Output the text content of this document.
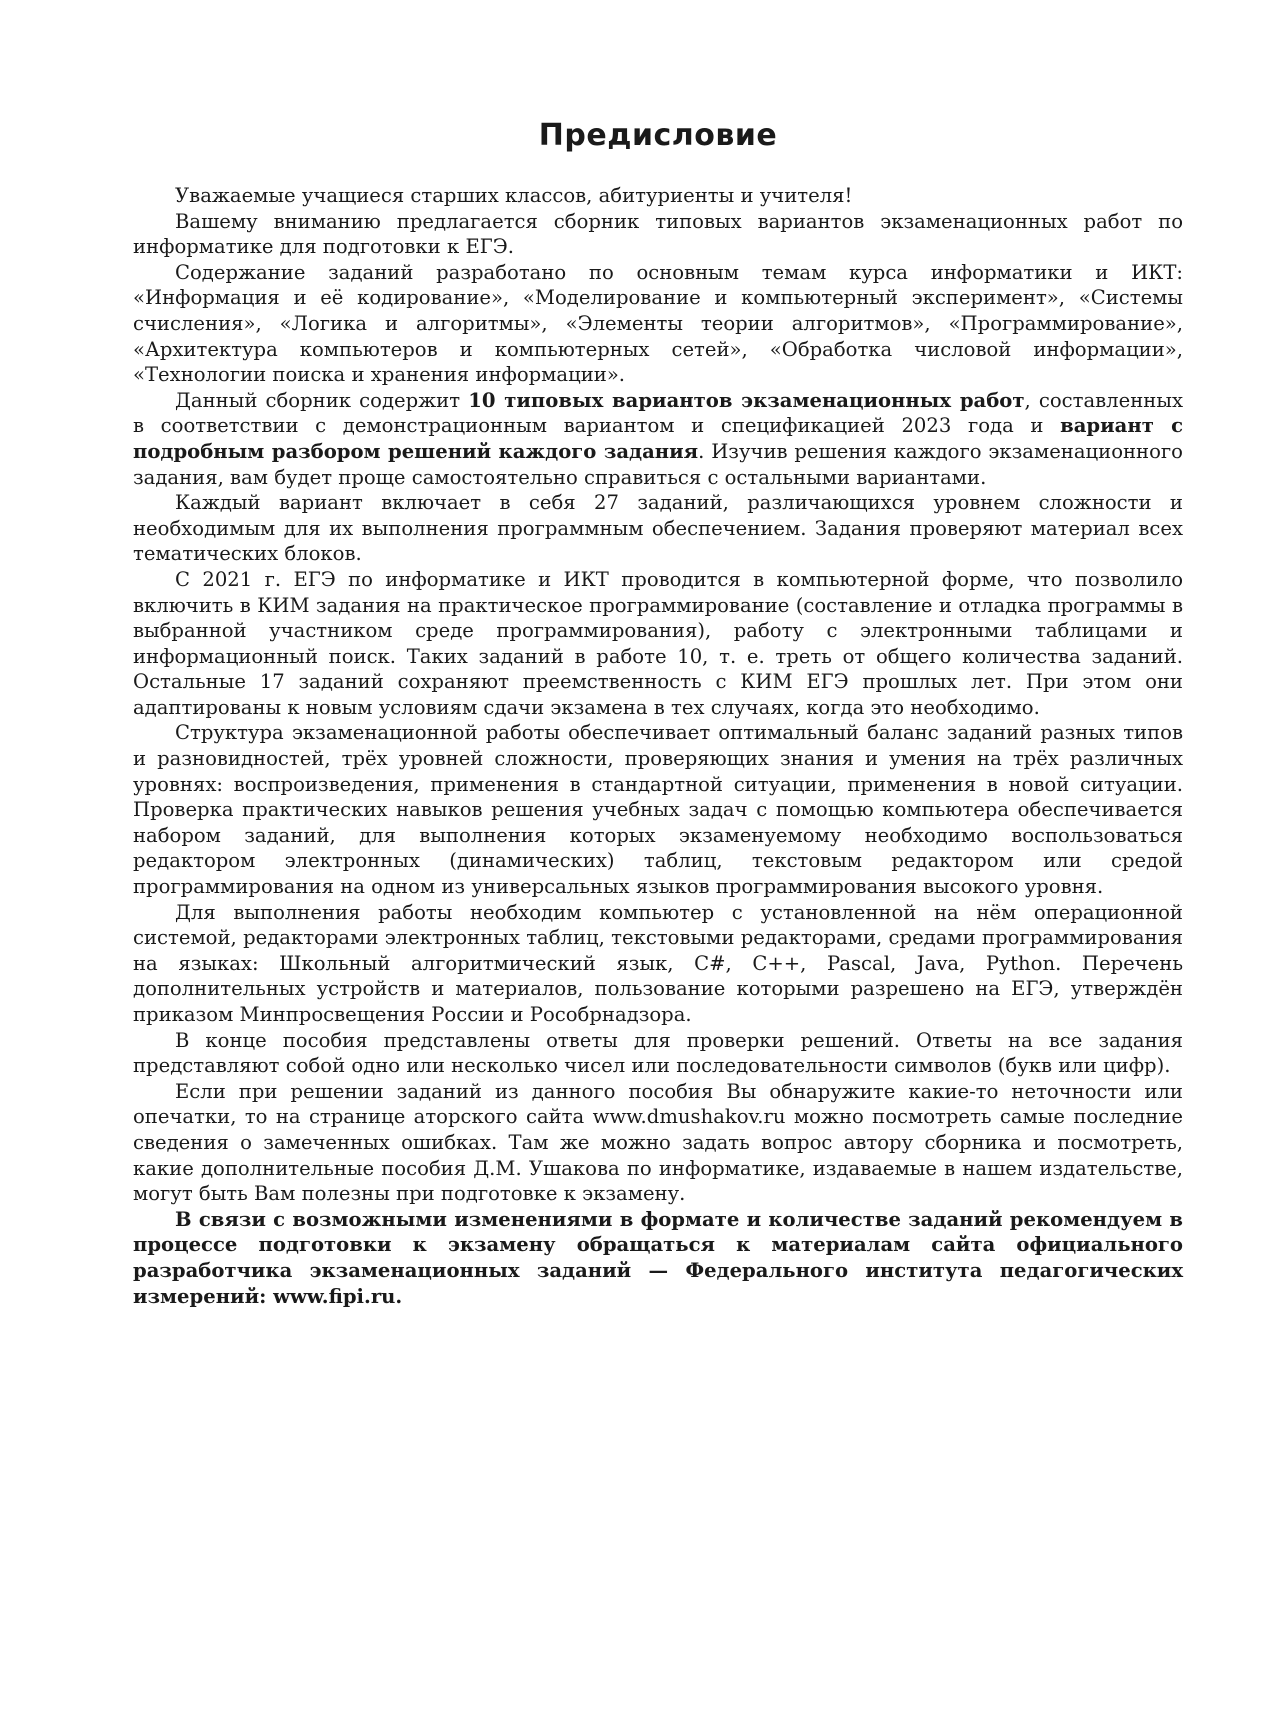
Предисловие

Уважаемые учащиеся старших классов, абитуриенты и учителя!

Вашему вниманию предлагается сборник типовых вариантов экзаменационных работ по информатике для подготовки к ЕГЭ.

Содержание заданий разработано по основным темам курса информатики и ИКТ: «Информация и её кодирование», «Моделирование и компьютерный эксперимент», «Системы счисления», «Логика и алгоритмы», «Элементы теории алгоритмов», «Программирование», «Архитектура компьютеров и компьютерных сетей», «Обработка числовой информации», «Технологии поиска и хранения информации».

Данный сборник содержит 10 типовых вариантов экзаменационных работ, составленных в соответствии с демонстрационным вариантом и спецификацией 2023 года и вариант с подробным разбором решений каждого задания. Изучив решения каждого экзаменационного задания, вам будет проще самостоятельно справиться с остальными вариантами.

Каждый вариант включает в себя 27 заданий, различающихся уровнем сложности и необходимым для их выполнения программным обеспечением. Задания проверяют материал всех тематических блоков.

С 2021 г. ЕГЭ по информатике и ИКТ проводится в компьютерной форме, что позволило включить в КИМ задания на практическое программирование (составление и отладка программы в выбранной участником среде программирования), работу с электронными таблицами и информационный поиск. Таких заданий в работе 10, т. е. треть от общего количества заданий. Остальные 17 заданий сохраняют преемственность с КИМ ЕГЭ прошлых лет. При этом они адаптированы к новым условиям сдачи экзамена в тех случаях, когда это необходимо.

Структура экзаменационной работы обеспечивает оптимальный баланс заданий разных типов и разновидностей, трёх уровней сложности, проверяющих знания и умения на трёх различных уровнях: воспроизведения, применения в стандартной ситуации, применения в новой ситуации. Проверка практических навыков решения учебных задач с помощью компьютера обеспечивается набором заданий, для выполнения которых экзаменуемому необходимо воспользоваться редактором электронных (динамических) таблиц, текстовым редактором или средой программирования на одном из универсальных языков программирования высокого уровня.

Для выполнения работы необходим компьютер с установленной на нём операционной системой, редакторами электронных таблиц, текстовыми редакторами, средами программирования на языках: Школьный алгоритмический язык, C#, C++, Pascal, Java, Python. Перечень дополнительных устройств и материалов, пользование которыми разрешено на ЕГЭ, утверждён приказом Минпросвещения России и Рособрнадзора.

В конце пособия представлены ответы для проверки решений. Ответы на все задания представляют собой одно или несколько чисел или последовательности символов (букв или цифр).

Если при решении заданий из данного пособия Вы обнаружите какие-то неточности или опечатки, то на странице аторского сайта www.dmushakov.ru можно посмотреть самые последние сведения о замеченных ошибках. Там же можно задать вопрос автору сборника и посмотреть, какие дополнительные пособия Д.М. Ушакова по информатике, издаваемые в нашем издательстве, могут быть Вам полезны при подготовке к экзамену.

В связи с возможными изменениями в формате и количестве заданий рекомендуем в процессе подготовки к экзамену обращаться к материалам сайта официального разработчика экзаменационных заданий — Федерального института педагогических измерений: www.fipi.ru.
